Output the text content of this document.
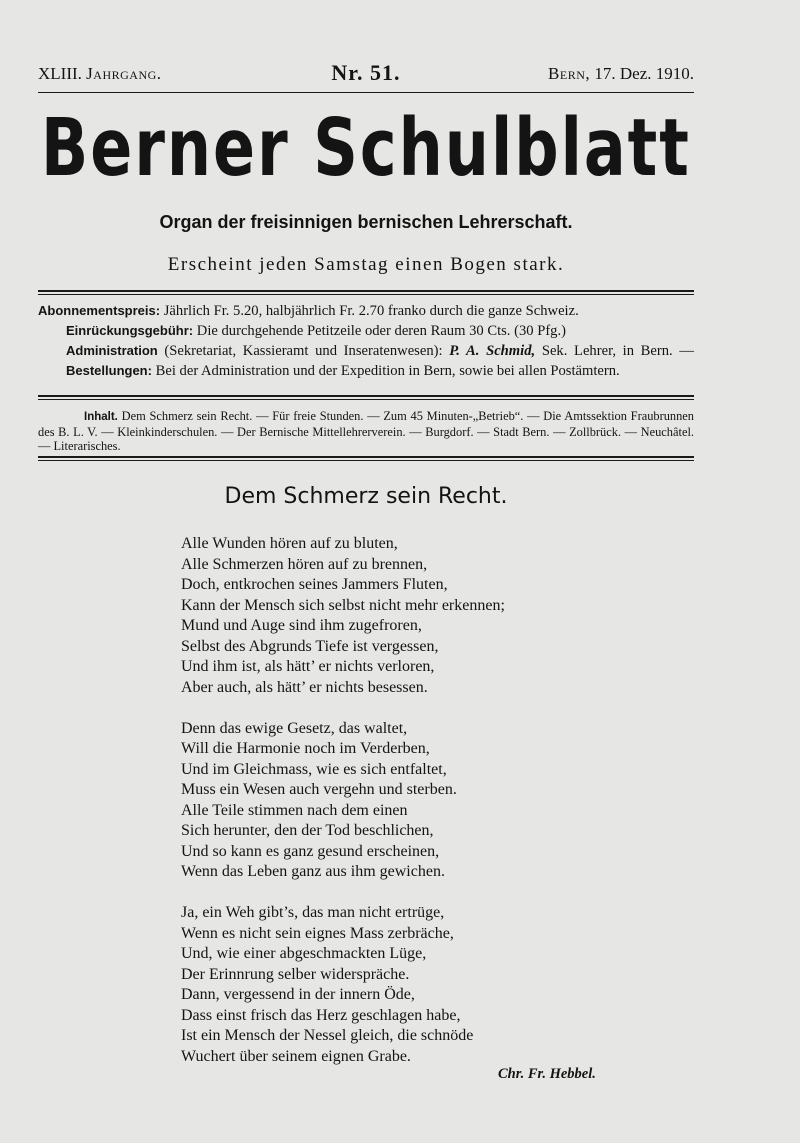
XLIII. Jahrgang.	Nr. 51.	Bern, 17. Dez. 1910.
Berner Schulblatt
Organ der freisinnigen bernischen Lehrerschaft.
Erscheint jeden Samstag einen Bogen stark.

Abonnementspreis: Jährlich Fr. 5.20, halbjährlich Fr. 2.70 franko durch die ganze Schweiz.

Einrückungsgebühr: Die durchgehende Petitzeile oder deren Raum 30 Cts. (30 Pfg.)

Administration (Sekretariat, Kassieramt und Inseratenwesen): P. A. Schmid, Sek. Lehrer, in Bern. — Bestellungen: Bei der Administration und der Expedition in Bern, sowie bei allen Postämtern.

Inhalt. Dem Schmerz sein Recht. — Für freie Stunden. — Zum 45 Minuten-„Betrieb“. — Die Amtssektion Fraubrunnen des B. L. V. — Kleinkinderschulen. — Der Bernische Mittellehrerverein. — Burgdorf. — Stadt Bern. — Zollbrück. — Neuchâtel. — Literarisches.
Dem Schmerz sein Recht.
Alle Wunden hören auf zu bluten,
Alle Schmerzen hören auf zu brennen,
Doch, entkrochen seines Jammers Fluten,
Kann der Mensch sich selbst nicht mehr erkennen;
Mund und Auge sind ihm zugefroren,
Selbst des Abgrunds Tiefe ist vergessen,
Und ihm ist, als hätt’ er nichts verloren,
Aber auch, als hätt’ er nichts besessen.
Denn das ewige Gesetz, das waltet,
Will die Harmonie noch im Verderben,
Und im Gleichmass, wie es sich entfaltet,
Muss ein Wesen auch vergehn und sterben.
Alle Teile stimmen nach dem einen
Sich herunter, den der Tod beschlichen,
Und so kann es ganz gesund erscheinen,
Wenn das Leben ganz aus ihm gewichen.
Ja, ein Weh gibt’s, das man nicht ertrüge,
Wenn es nicht sein eignes Mass zerbräche,
Und, wie einer abgeschmackten Lüge,
Der Erinnrung selber widerspräche.
Dann, vergessend in der innern Öde,
Dass einst frisch das Herz geschlagen habe,
Ist ein Mensch der Nessel gleich, die schnöde
Wuchert über seinem eignen Grabe.
Chr. Fr. Hebbel.
